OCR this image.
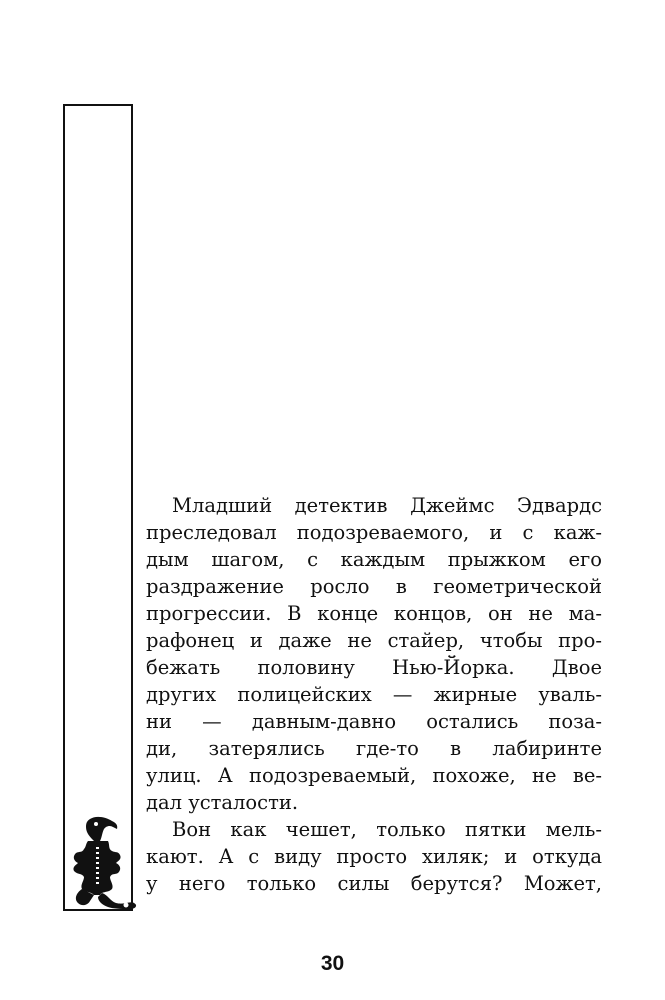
Младший детектив Джеймс Эдвардс
преследовал подозреваемого, и с каж-
дым шагом, с каждым прыжком его
раздражение росло в геометрической
прогрессии. В конце концов, он не ма-
рафонец и даже не стайер, чтобы про-
бежать половину Нью-Йорка. Двое
других полицейских — жирные уваль-
ни — давным-давно остались поза-
ди, затерялись где-то в лабиринте
улиц. А подозреваемый, похоже, не ве-
дал усталости.
Вон как чешет, только пятки мель-
кают. А с виду просто хиляк; и откуда
у него только силы берутся? Может,
30
